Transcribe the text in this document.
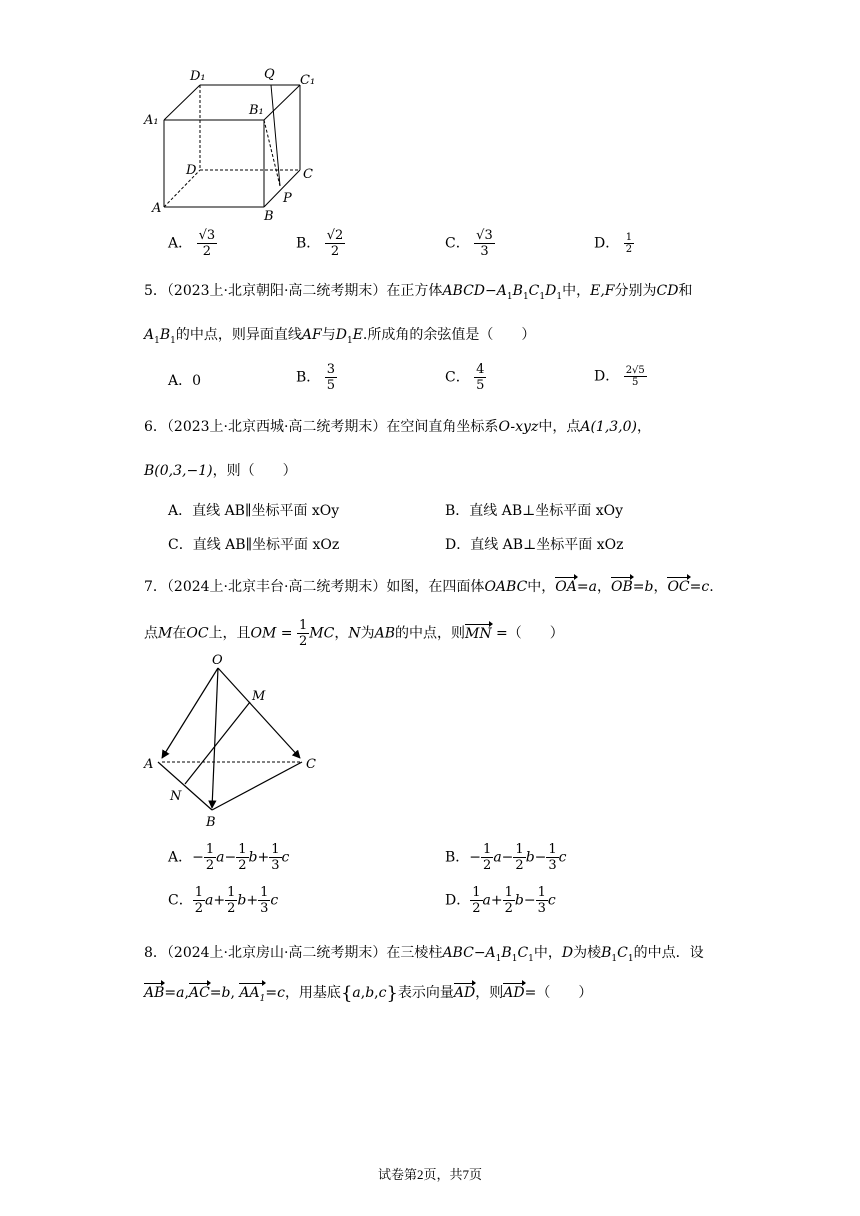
D₁	Q C₁
A₁
B₁
D	C
P
A
B
A． $\frac{√3}{2}$	B． $\frac{√2}{2}$	C． $\frac{√3}{3}$	D． $\frac{1}{2}$
5．（2023上·北京朝阳·高二统考期末）在正方体$ABCD-A_1B_1C_1D_1$中，E,F分别为CD和
$A_1B_1$的中点，则异面直线AF与$D_1E$.所成角的余弦值是（　　）
A．0	B． $\frac{3}{5}$	C． $\frac{4}{5}$	D． $\frac{2√5}{5}$
6．（2023上·北京西城·高二统考期末）在空间直角坐标系O-xyz中，点A(1,3,0)，
B(0,3,−1)，则（　　）
A．直线 AB∥坐标平面 xOy	B．直线 AB⊥坐标平面 xOy
C．直线 AB∥坐标平面 xOz	D．直线 AB⊥坐标平面 xOz
7．（2024上·北京丰台·高二统考期末）如图，在四面体OABC中，OA=a，OB=b，OC=c.
点M在OC上，且OM = $\frac{1}{2}$ MC，N为AB的中点，则MN =（　　）
O
M
A	C
N
B
A．− $\frac{1}{2} a- \frac{1}{2} b+ \frac{1}{3}$ c	B．− $\frac{1}{2} a- \frac{1}{2} b- \frac{1}{3}$ c
C． $\frac{1}{2} a+ \frac{1}{2} b+ \frac{1}{3}$ c	D． $\frac{1}{2} a+ \frac{1}{2} b- \frac{1}{3}$ c
8．（2024上·北京房山·高二统考期末）在三棱柱$ABC-A_1B_1C_1$中，D为棱$B_1C_1$的中点．设
AB=a,AC=b, $AA_1=c$，用基底{a,b,c}表示向量AD，则AD=（　　）
试卷第2页，共7页
